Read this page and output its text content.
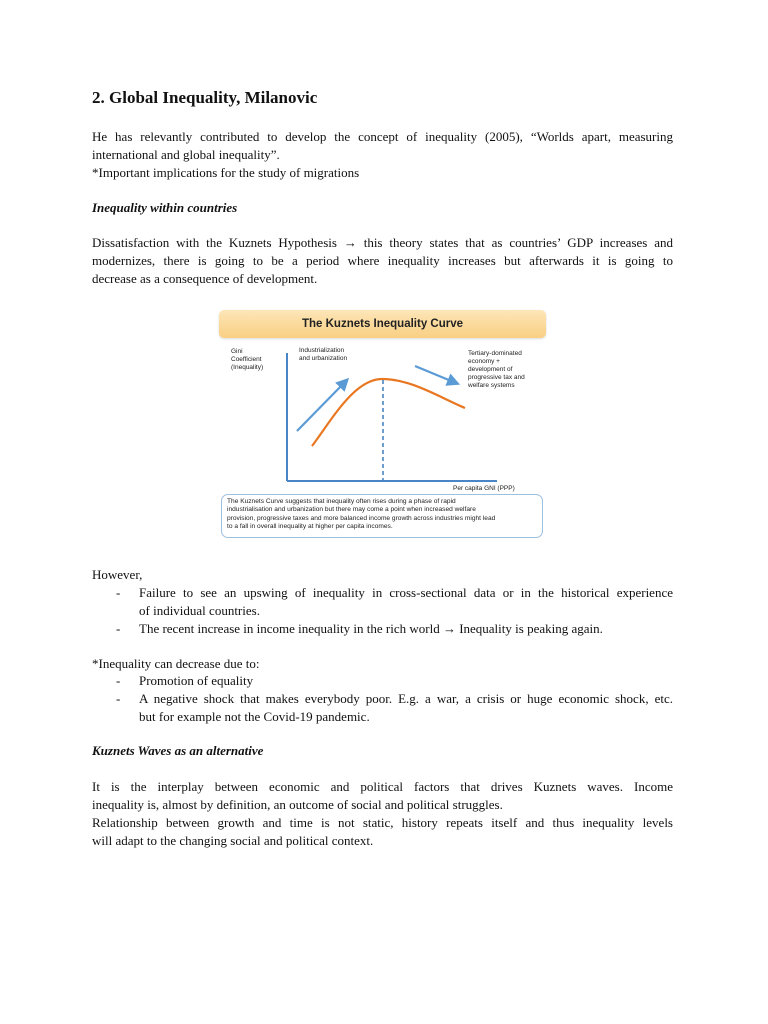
2. Global Inequality, Milanovic
He has relevantly contributed to develop the concept of inequality (2005), “Worlds apart, measuring
international and global inequality”.
*Important implications for the study of migrations

Inequality within countries

Dissatisfaction with the Kuznets Hypothesis → this theory states that as countries’ GDP increases and
modernizes, there is going to be a period where inequality increases but afterwards it is going to
decrease as a consequence of development.
The Kuznets Inequality Curve
Gini
Coefficient
(Inequality)
Industrialization
and urbanization
Tertiary-dominated
economy +
development of
progressive tax and
welfare systems
Per capita GNI (PPP)
The Kuznets Curve suggests that inequality often rises during a phase of rapid
industrialisation and urbanization but there may come a point when increased welfare
provision, progressive taxes and more balanced income growth across industries might lead
to a fall in overall inequality at higher per capita incomes.
However,
- Failure to see an upswing of inequality in cross-sectional data or in the historical experience
of individual countries.
- The recent increase in income inequality in the rich world → Inequality is peaking again.
*Inequality can decrease due to:
- Promotion of equality
- A negative shock that makes everybody poor. E.g. a war, a crisis or huge economic shock, etc.
but for example not the Covid-19 pandemic.

Kuznets Waves as an alternative

It is the interplay between economic and political factors that drives Kuznets waves. Income
inequality is, almost by definition, an outcome of social and political struggles.
Relationship between growth and time is not static, history repeats itself and thus inequality levels
will adapt to the changing social and political context.
